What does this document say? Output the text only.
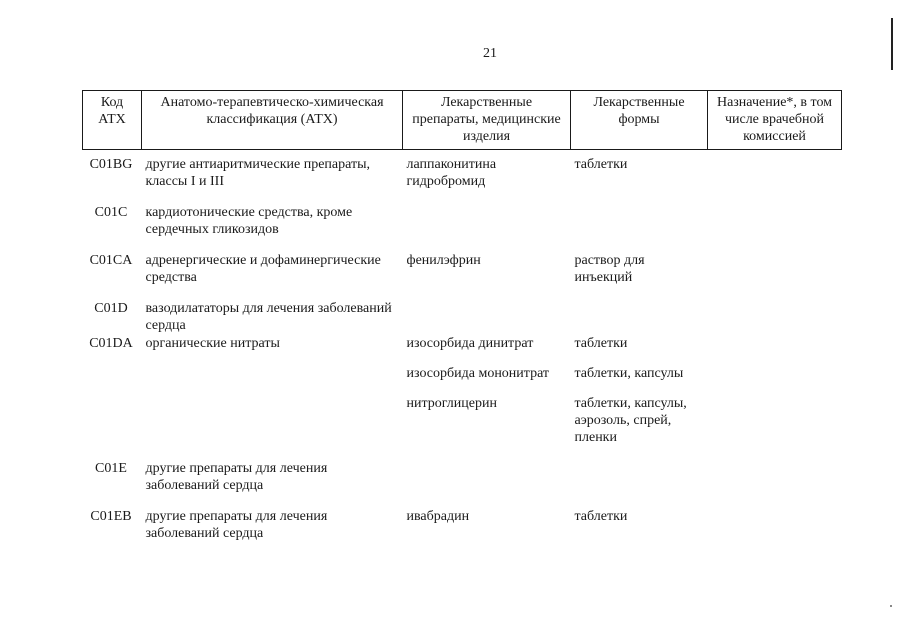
21
Код АТХ	Анатомо-терапевтическо-химическая классификация (АТХ)	Лекарственные препараты, медицинские изделия	Лекарственные формы	Назначение*, в том числе врачебной комиссией
C01BG	другие антиаритмические препараты, классы I и III	лаппаконитина гидробромид	таблетки	
C01C	кардиотонические средства, кроме сердечных гликозидов			
C01CA	адренергические и дофаминергические средства	фенилэфрин	раствор для инъекций	
C01D	вазодилататоры для лечения заболеваний сердца			
C01DA	органические нитраты	изосорбида динитрат	таблетки	
		изосорбида мононитрат	таблетки, капсулы	
		нитроглицерин	таблетки, капсулы, аэрозоль, спрей, пленки	
C01E	другие препараты для лечения заболеваний сердца			
C01EB	другие препараты для лечения заболеваний сердца	ивабрадин	таблетки	
